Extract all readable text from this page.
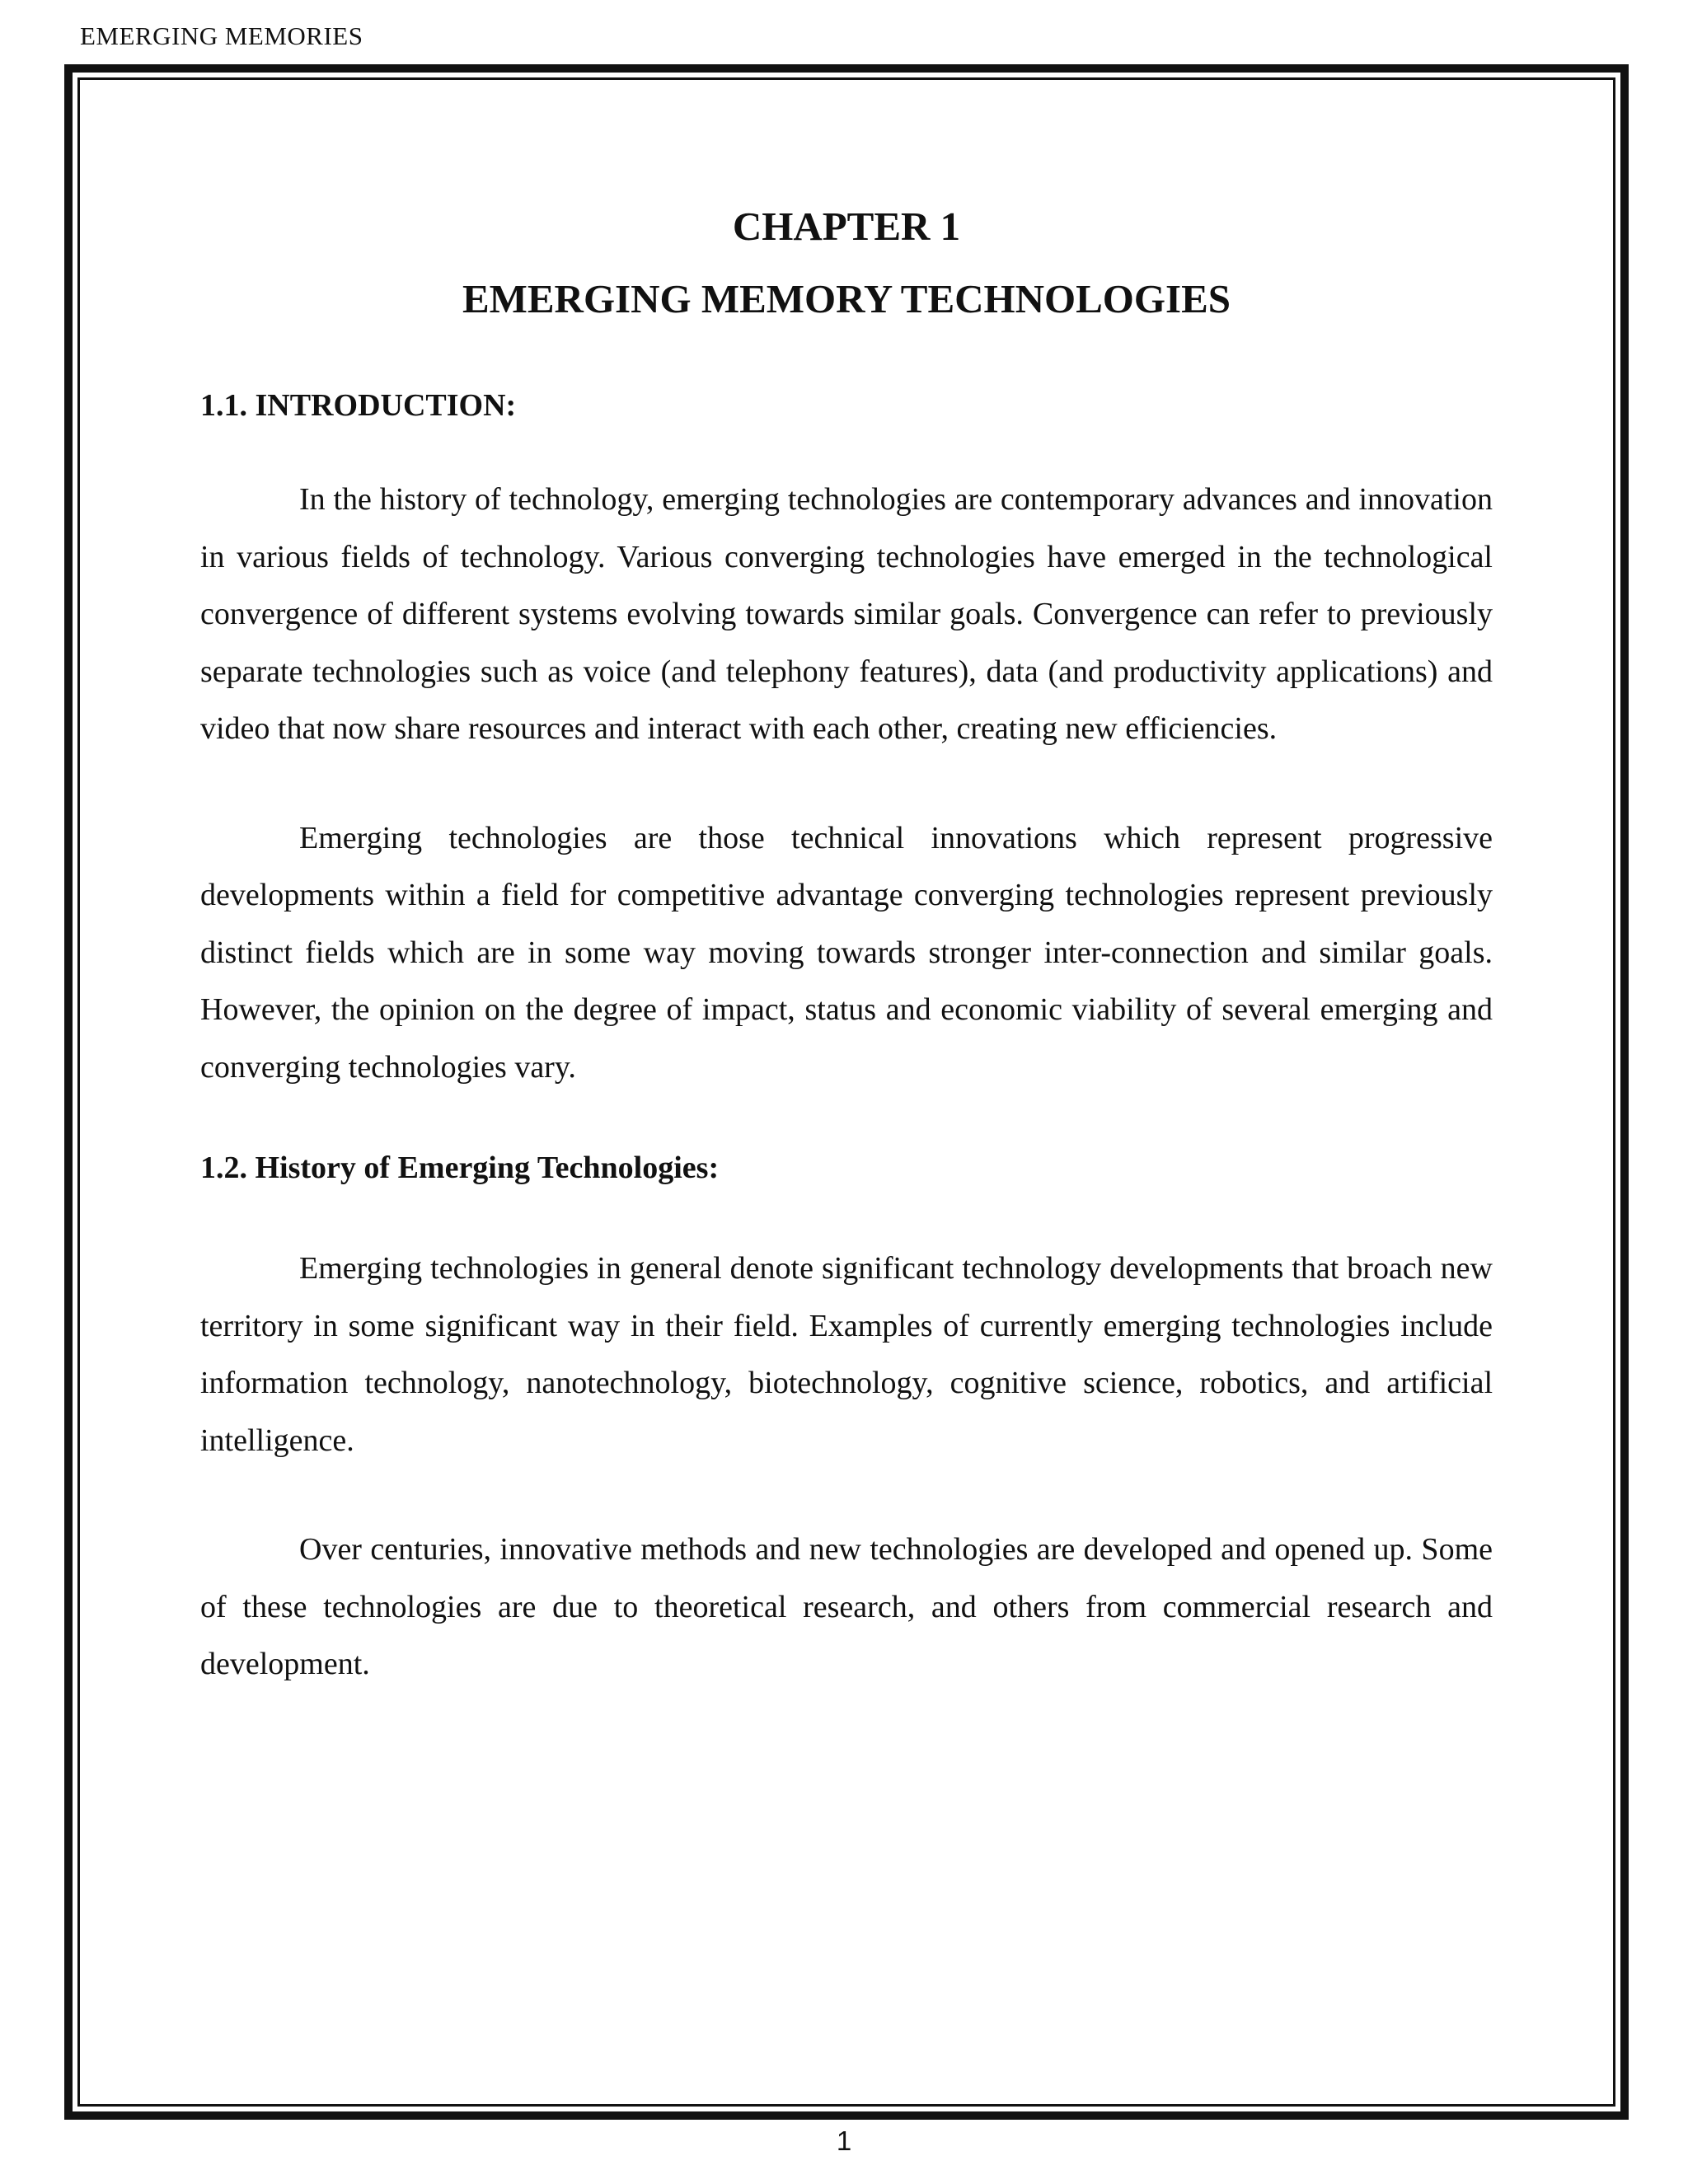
EMERGING MEMORIES
CHAPTER 1
EMERGING MEMORY TECHNOLOGIES
1.1. INTRODUCTION:

In the history of technology, emerging technologies are contemporary advances and innovation in various fields of technology. Various converging technologies have emerged in the technological convergence of different systems evolving towards similar goals. Convergence can refer to previously separate technologies such as voice (and telephony features), data (and productivity applications) and video that now share resources and interact with each other, creating new efficiencies.

Emerging technologies are those technical innovations which represent progressive developments within a field for competitive advantage converging technologies represent previously distinct fields which are in some way moving towards stronger inter-connection and similar goals. However, the opinion on the degree of impact, status and economic viability of several emerging and converging technologies vary.

1.2. History of Emerging Technologies:

Emerging technologies in general denote significant technology developments that broach new territory in some significant way in their field. Examples of currently emerging technologies include information technology, nanotechnology, biotechnology, cognitive science, robotics, and artificial intelligence.

Over centuries, innovative methods and new technologies are developed and opened up. Some of these technologies are due to theoretical research, and others from commercial research and development.

1
